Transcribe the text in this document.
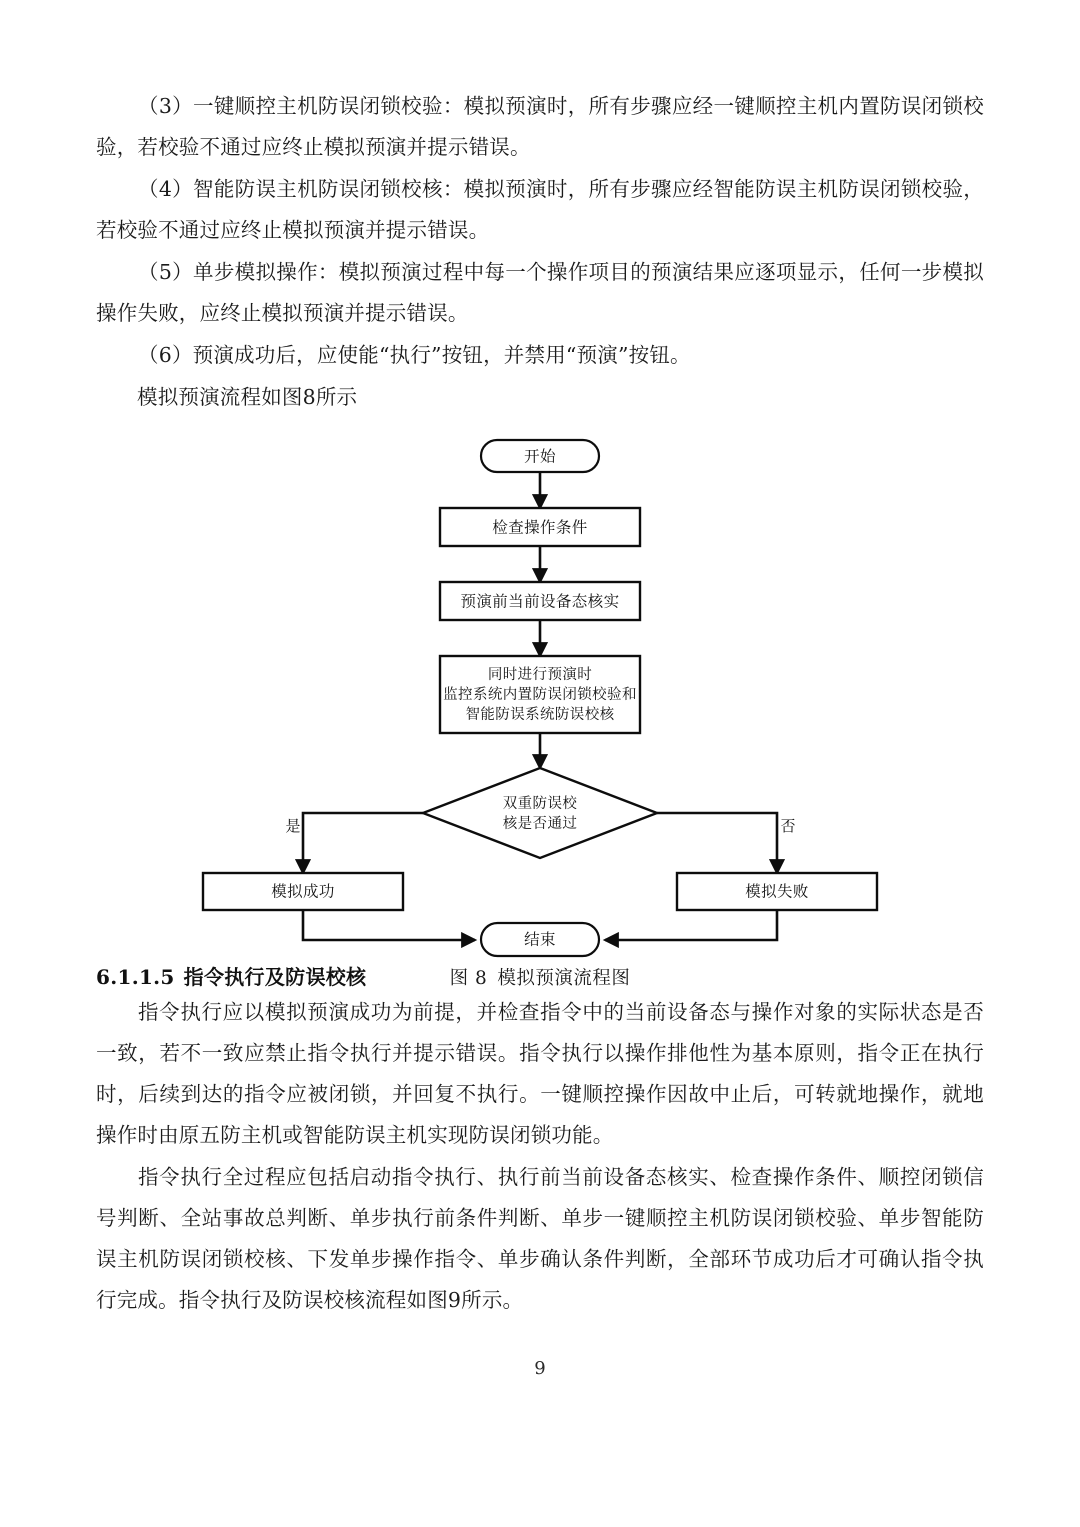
（3）一键顺控主机防误闭锁校验：模拟预演时，所有步骤应经一键顺控主机内置防误闭锁校验，若校验不通过应终止模拟预演并提示错误。

（4）智能防误主机防误闭锁校核：模拟预演时，所有步骤应经智能防误主机防误闭锁校验，若校验不通过应终止模拟预演并提示错误。

（5）单步模拟操作：模拟预演过程中每一个操作项目的预演结果应逐项显示，任何一步模拟操作失败，应终止模拟预演并提示错误。

（6）预演成功后，应使能“执行”按钮，并禁用“预演”按钮。

模拟预演流程如图8所示

开始
检查操作条件
预演前当前设备态核实
同时进行预演时
监控系统内置防误闭锁校验和
智能防误系统防误校核
双重防误校
核是否通过
是	否
模拟成功	模拟失败
结束

图 8 模拟预演流程图

6.1.1.5 指令执行及防误校核

指令执行应以模拟预演成功为前提，并检查指令中的当前设备态与操作对象的实际状态是否一致，若不一致应禁止指令执行并提示错误。指令执行以操作排他性为基本原则，指令正在执行时，后续到达的指令应被闭锁，并回复不执行。一键顺控操作因故中止后，可转就地操作，就地操作时由原五防主机或智能防误主机实现防误闭锁功能。

指令执行全过程应包括启动指令执行、执行前当前设备态核实、检查操作条件、顺控闭锁信号判断、全站事故总判断、单步执行前条件判断、单步一键顺控主机防误闭锁校验、单步智能防误主机防误闭锁校核、下发单步操作指令、单步确认条件判断，全部环节成功后才可确认指令执行完成。指令执行及防误校核流程如图9所示。

9
